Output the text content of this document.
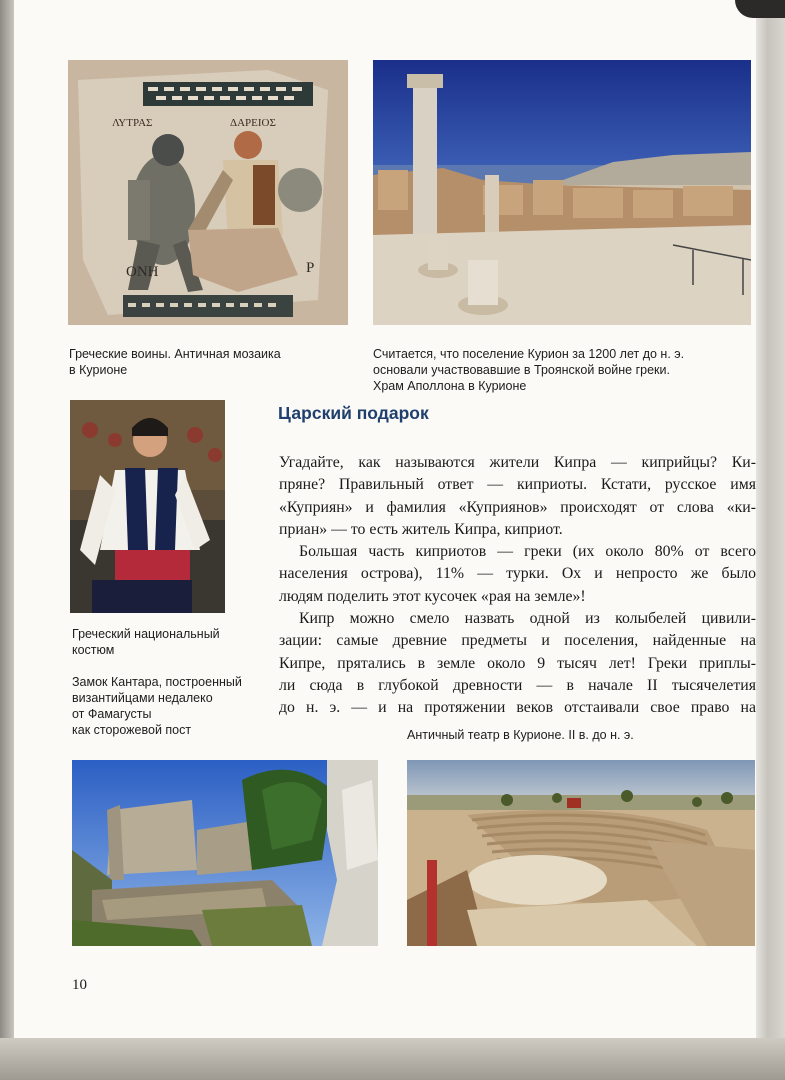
ΛΥΤΡΑΣ	ΔΑΡΕΙΟΣ
ΟΝΗ	Ρ
Греческие воины. Античная мозаика
в Курионе
Считается, что поселение Курион за 1200 лет до н. э.
основали участвовавшие в Троянской войне греки.
Храм Аполлона в Курионе
Греческий национальный
костюм
Замок Кантара, построенный
византийцами недалеко
от Фамагусты
как сторожевой пост
Царский подарок
Угадайте, как называются жители Кипра — киприйцы? Ки-
пряне? Правильный ответ — киприоты. Кстати, русское имя
«Куприян» и фамилия «Куприянов» происходят от слова «ки-
приан» — то есть житель Кипра, киприот.
Большая часть киприотов — греки (их около 80% от всего
населения острова), 11% — турки. Ох и непросто же было
людям поделить этот кусочек «рая на земле»!
Кипр можно смело назвать одной из колыбелей цивили-
зации: самые древние предметы и поселения, найденные на
Кипре, прятались в земле около 9 тысяч лет! Греки приплы-
ли сюда в глубокой древности — в начале II тысячелетия
до н. э. — и на протяжении веков отстаивали свое право на
Античный театр в Курионе. II в. до н. э.
10
